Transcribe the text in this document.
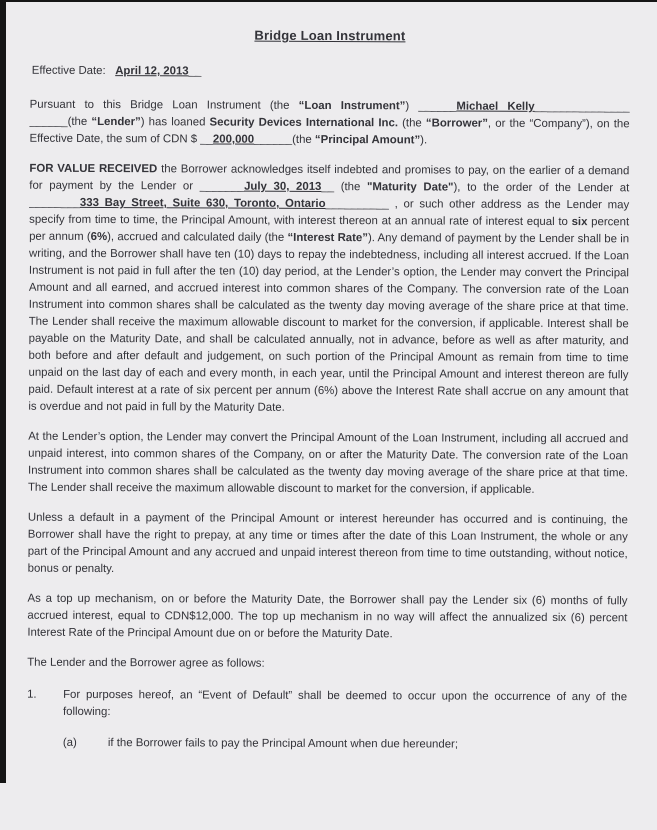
Bridge Loan Instrument
Effective Date: April 12, 2013__

Pursuant to this Bridge Loan Instrument (the “Loan Instrument”) ______Michael Kelly_______________ ______(the “Lender”) has loaned Security Devices International Inc. (the “Borrower”, or the “Company”), on the Effective Date, the sum of CDN $ __200,000______(the “Principal Amount”).

FOR VALUE RECEIVED the Borrower acknowledges itself indebted and promises to pay, on the earlier of a demand for payment by the Lender or _______July 30, 2013__ (the "Maturity Date"), to the order of the Lender at ________333 Bay Street, Suite 630, Toronto, Ontario__________ , or such other address as the Lender may specify from time to time, the Principal Amount, with interest thereon at an annual rate of interest equal to six percent per annum (6%), accrued and calculated daily (the “Interest Rate”). Any demand of payment by the Lender shall be in writing, and the Borrower shall have ten (10) days to repay the indebtedness, including all interest accrued. If the Loan Instrument is not paid in full after the ten (10) day period, at the Lender’s option, the Lender may convert the Principal Amount and all earned, and accrued interest into common shares of the Company. The conversion rate of the Loan Instrument into common shares shall be calculated as the twenty day moving average of the share price at that time. The Lender shall receive the maximum allowable discount to market for the conversion, if applicable. Interest shall be payable on the Maturity Date, and shall be calculated annually, not in advance, before as well as after maturity, and both before and after default and judgement, on such portion of the Principal Amount as remain from time to time unpaid on the last day of each and every month, in each year, until the Principal Amount and interest thereon are fully paid. Default interest at a rate of six percent per annum (6%) above the Interest Rate shall accrue on any amount that is overdue and not paid in full by the Maturity Date.

At the Lender’s option, the Lender may convert the Principal Amount of the Loan Instrument, including all accrued and unpaid interest, into common shares of the Company, on or after the Maturity Date. The conversion rate of the Loan Instrument into common shares shall be calculated as the twenty day moving average of the share price at that time. The Lender shall receive the maximum allowable discount to market for the conversion, if applicable.

Unless a default in a payment of the Principal Amount or interest hereunder has occurred and is continuing, the Borrower shall have the right to prepay, at any time or times after the date of this Loan Instrument, the whole or any part of the Principal Amount and any accrued and unpaid interest thereon from time to time outstanding, without notice, bonus or penalty.

As a top up mechanism, on or before the Maturity Date, the Borrower shall pay the Lender six (6) months of fully accrued interest, equal to CDN$12,000. The top up mechanism in no way will affect the annualized six (6) percent Interest Rate of the Principal Amount due on or before the Maturity Date.

The Lender and the Borrower agree as follows:

1.	For purposes hereof, an “Event of Default” shall be deemed to occur upon the occurrence of any of the following:
(a)	if the Borrower fails to pay the Principal Amount when due hereunder;
